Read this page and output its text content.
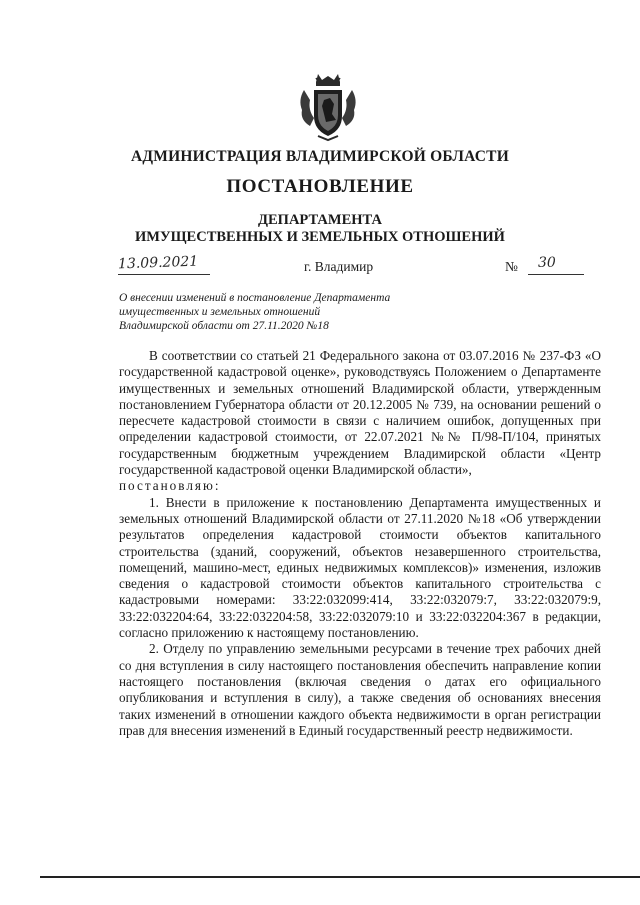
АДМИНИСТРАЦИЯ ВЛАДИМИРСКОЙ ОБЛАСТИ
ПОСТАНОВЛЕНИЕ
ДЕПАРТАМЕНТА
ИМУЩЕСТВЕННЫХ И ЗЕМЕЛЬНЫХ ОТНОШЕНИЙ
13.09.2021	г. Владимир	№ 30
О внесении изменений в постановление Департамента
имущественных и земельных отношений
Владимирской области от 27.11.2020 №18

В соответствии со статьей 21 Федерального закона от 03.07.2016 № 237-ФЗ «О государственной кадастровой оценке», руководствуясь Положением о Департаменте имущественных и земельных отношений Владимирской области, утвержденным постановлением Губернатора области от 20.12.2005 № 739, на основании решений о пересчете кадастровой стоимости в связи с наличием ошибок, допущенных при определении кадастровой стоимости, от 22.07.2021 №№ П/98-П/104, принятых государственным бюджетным учреждением Владимирской области «Центр государственной кадастровой оценки Владимирской области»,

постановляю:

1. Внести в приложение к постановлению Департамента имущественных и земельных отношений Владимирской области от 27.11.2020 №18 «Об утверждении результатов определения кадастровой стоимости объектов капитального строительства (зданий, сооружений, объектов незавершенного строительства, помещений, машино-мест, единых недвижимых комплексов)» изменения, изложив сведения о кадастровой стоимости объектов капитального строительства с кадастровыми номерами: 33:22:032099:414, 33:22:032079:7, 33:22:032079:9, 33:22:032204:64, 33:22:032204:58, 33:22:032079:10 и 33:22:032204:367 в редакции, согласно приложению к настоящему постановлению.

2. Отделу по управлению земельными ресурсами в течение трех рабочих дней со дня вступления в силу настоящего постановления обеспечить направление копии настоящего постановления (включая сведения о датах его официального опубликования и вступления в силу), а также сведения об основаниях внесения таких изменений в отношении каждого объекта недвижимости в орган регистрации прав для внесения изменений в Единый государственный реестр недвижимости.
